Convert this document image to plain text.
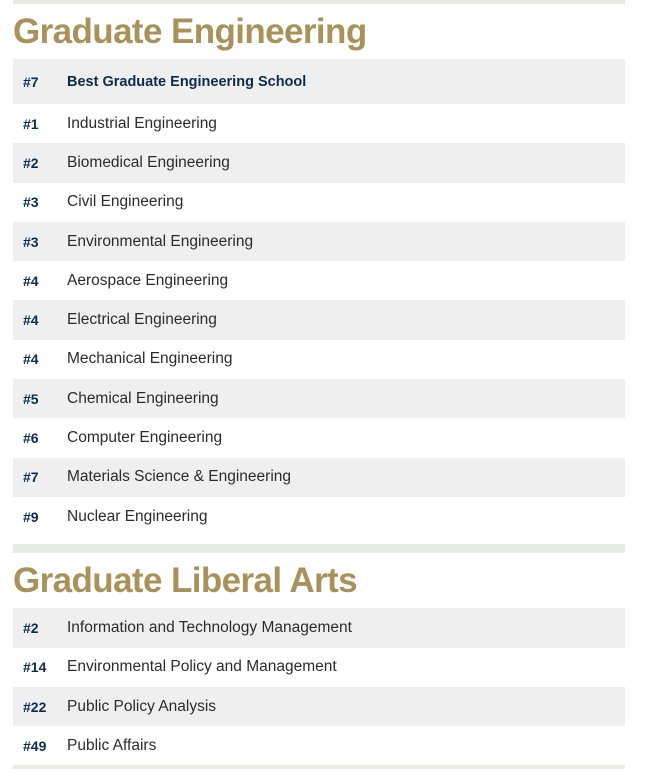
Graduate Engineering
#7	Best Graduate Engineering School
#1	Industrial Engineering
#2	Biomedical Engineering
#3	Civil Engineering
#3	Environmental Engineering
#4	Aerospace Engineering
#4	Electrical Engineering
#4	Mechanical Engineering
#5	Chemical Engineering
#6	Computer Engineering
#7	Materials Science & Engineering
#9	Nuclear Engineering
Graduate Liberal Arts
#2	Information and Technology Management
#14	Environmental Policy and Management
#22	Public Policy Analysis
#49	Public Affairs
